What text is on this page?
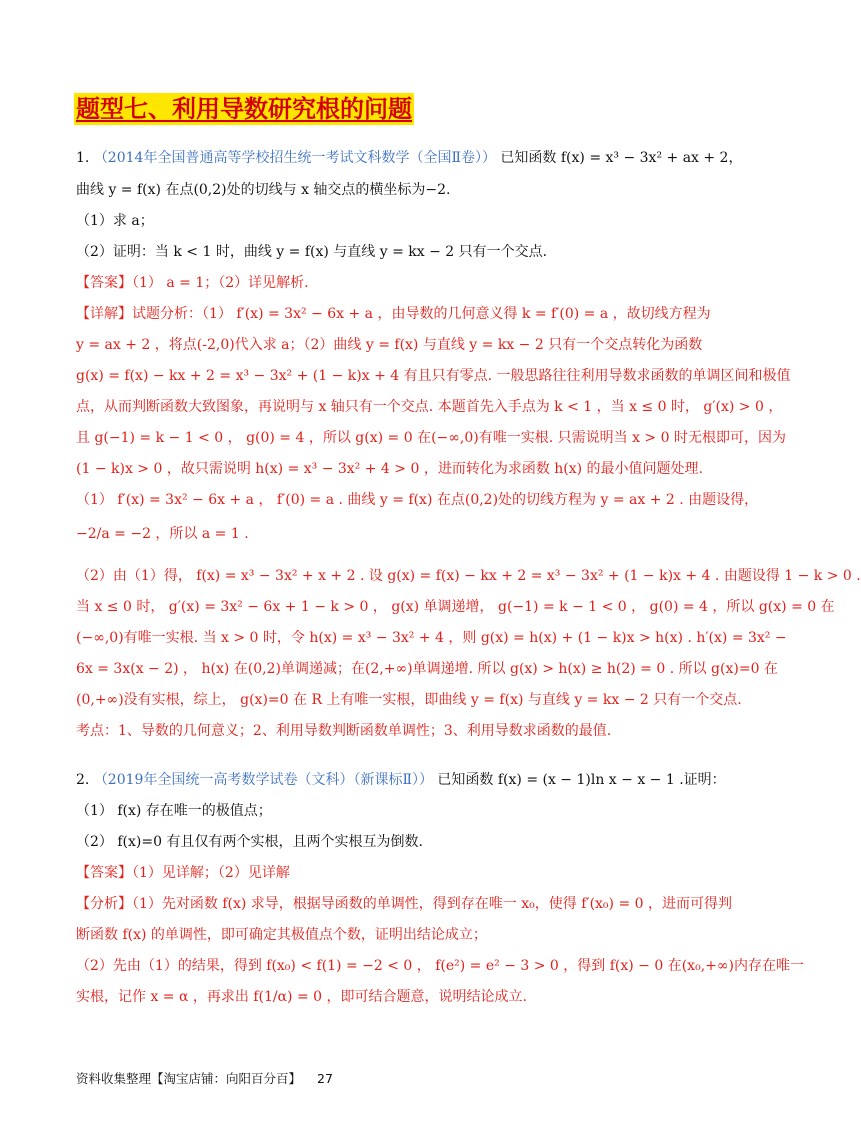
题型七、利用导数研究根的问题
1. （2014年全国普通高等学校招生统一考试文科数学（全国Ⅱ卷）） 已知函数 f(x) = x³ − 3x² + ax + 2，
曲线 y = f(x) 在点(0,2)处的切线与 x 轴交点的横坐标为−2.
（1）求 a；
（2）证明：当 k < 1 时，曲线 y = f(x) 与直线 y = kx − 2 只有一个交点.
【答案】（1） a = 1；（2）详见解析.
【详解】试题分析：（1） f′(x) = 3x² − 6x + a ，由导数的几何意义得 k = f′(0) = a ，故切线方程为
y = ax + 2 ，将点(-2,0)代入求 a；（2）曲线 y = f(x) 与直线 y = kx − 2 只有一个交点转化为函数
g(x) = f(x) − kx + 2 = x³ − 3x² + (1 − k)x + 4 有且只有零点. 一般思路往往利用导数求函数的单调区间和极值
点，从而判断函数大致图象，再说明与 x 轴只有一个交点. 本题首先入手点为 k < 1 ，当 x ≤ 0 时， g′(x) > 0 ，
且 g(−1) = k − 1 < 0 ， g(0) = 4 ，所以 g(x) = 0 在(−∞,0)有唯一实根. 只需说明当 x > 0 时无根即可，因为
(1 − k)x > 0 ，故只需说明 h(x) = x³ − 3x² + 4 > 0 ，进而转化为求函数 h(x) 的最小值问题处理.
（1） f′(x) = 3x² − 6x + a ， f′(0) = a . 曲线 y = f(x) 在点(0,2)处的切线方程为 y = ax + 2 . 由题设得，
−2/a = −2 ，所以 a = 1 .
（2）由（1）得， f(x) = x³ − 3x² + x + 2 . 设 g(x) = f(x) − kx + 2 = x³ − 3x² + (1 − k)x + 4 . 由题设得 1 − k > 0 .
当 x ≤ 0 时， g′(x) = 3x² − 6x + 1 − k > 0 ， g(x) 单调递增， g(−1) = k − 1 < 0 ， g(0) = 4 ，所以 g(x) = 0 在
(−∞,0)有唯一实根. 当 x > 0 时，令 h(x) = x³ − 3x² + 4 ，则 g(x) = h(x) + (1 − k)x > h(x) . h′(x) = 3x² −
6x = 3x(x − 2) ， h(x) 在(0,2)单调递减；在(2,+∞)单调递增. 所以 g(x) > h(x) ≥ h(2) = 0 . 所以 g(x)=0 在
(0,+∞)没有实根，综上， g(x)=0 在 R 上有唯一实根，即曲线 y = f(x) 与直线 y = kx − 2 只有一个交点.
考点：1、导数的几何意义；2、利用导数判断函数单调性；3、利用导数求函数的最值.
2. （2019年全国统一高考数学试卷（文科）（新课标Ⅱ）） 已知函数 f(x) = (x − 1)ln x − x − 1 .证明：
（1） f(x) 存在唯一的极值点；
（2） f(x)=0 有且仅有两个实根，且两个实根互为倒数.
【答案】（1）见详解；（2）见详解
【分析】（1）先对函数 f(x) 求导，根据导函数的单调性，得到存在唯一 x₀，使得 f′(x₀) = 0 ，进而可得判
断函数 f(x) 的单调性，即可确定其极值点个数，证明出结论成立；
（2）先由（1）的结果，得到 f(x₀) < f(1) = −2 < 0 ， f(e²) = e² − 3 > 0 ，得到 f(x) − 0 在(x₀,+∞)内存在唯一
实根，记作 x = α ，再求出 f(1/α) = 0 ，即可结合题意，说明结论成立.
资料收集整理【淘宝店铺：向阳百分百】 27
